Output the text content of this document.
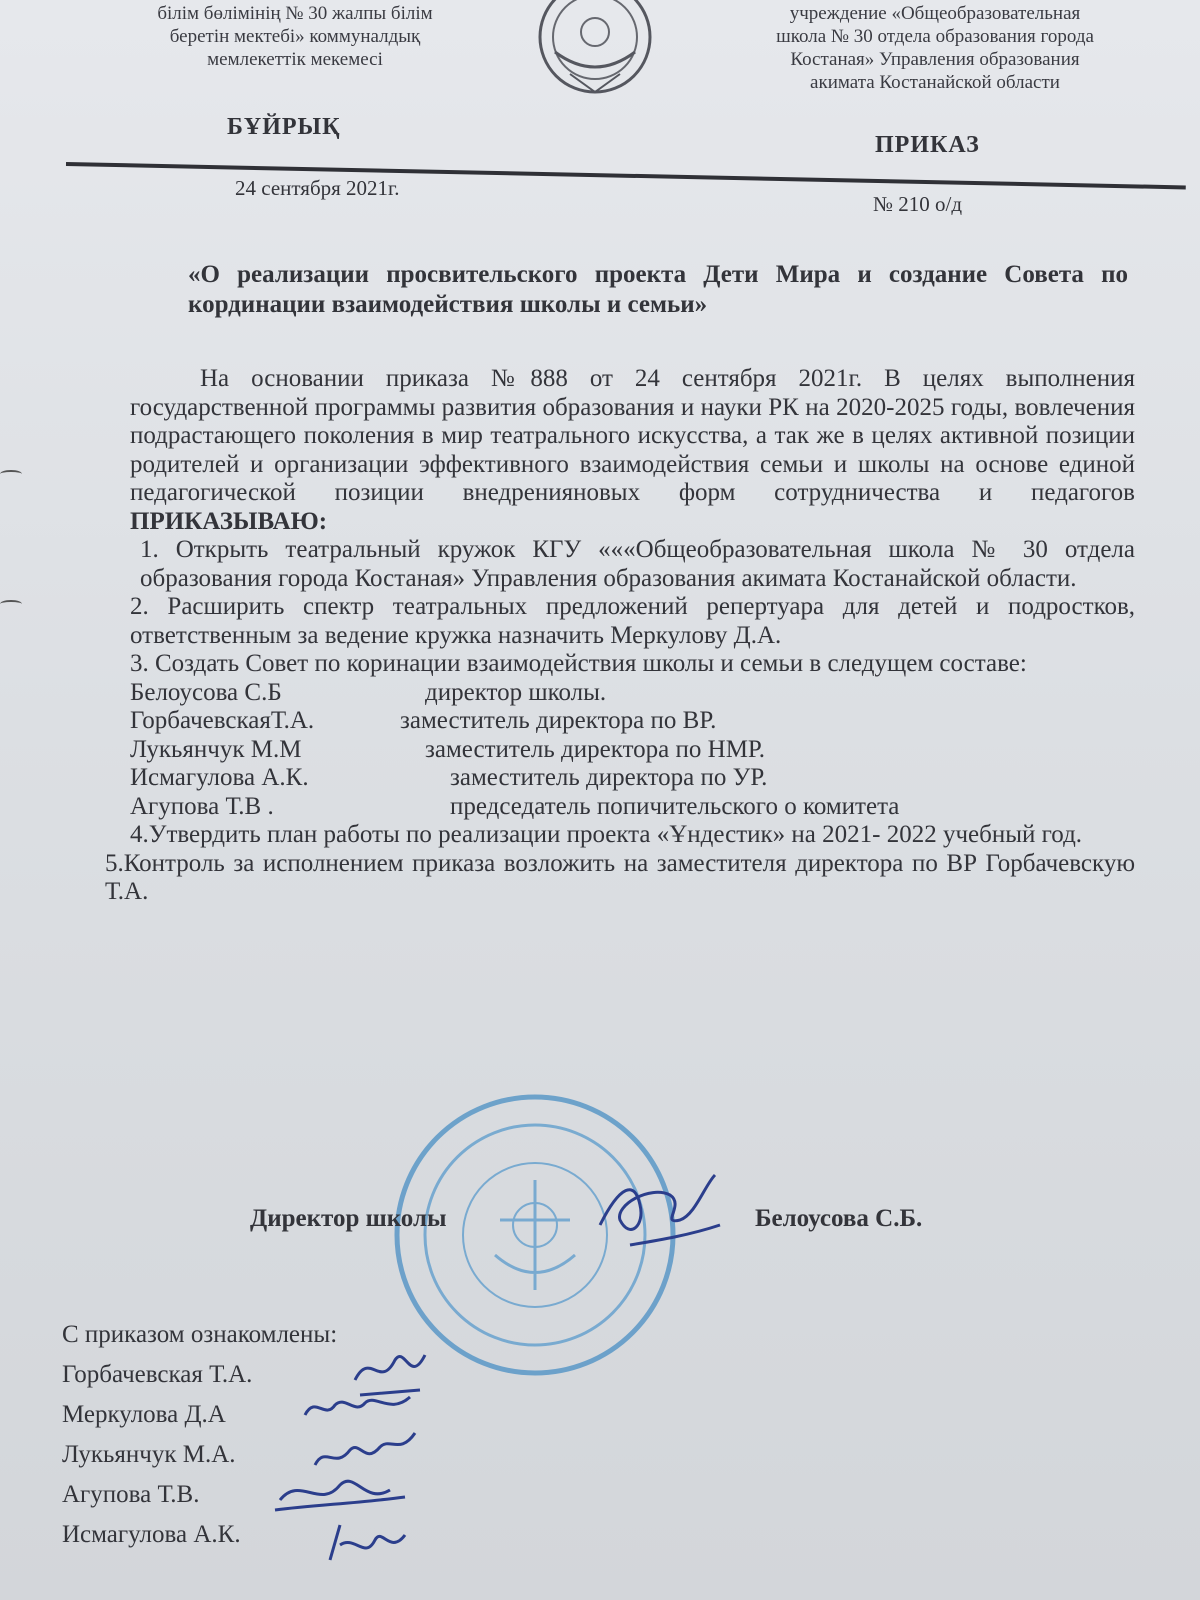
білім бөлімінің № 30 жалпы білім
беретін мектебі» коммуналдық
мемлекеттік мекемесі
учреждение «Общеобразовательная
школа № 30 отдела образования города
Костаная» Управления образования
акимата Костанайской области
БҰЙРЫҚ
ПРИКАЗ
24 сентября 2021г.
№ 210 о/д
«О реализации просвительского проекта Дети Мира и создание Совета по кординации взаимодействия школы и семьи»

На основании приказа №888 от 24 сентября 2021г. В целях выполнения государственной программы развития образования и науки РК на 2020-2025 годы, вовлечения подрастающего поколения в мир театрального искусства, а так же в целях активной позиции родителей и организации эффективного взаимодействия семьи и школы на основе единой педагогической позиции внедренияновых форм сотрудничества и педагогов ПРИКАЗЫВАЮ:

1. Открыть театральный кружок КГУ «««Общеобразовательная школа № 30 отдела образования города Костаная» Управления образования акимата Костанайской области.

2. Расширить спектр театральных предложений репертуара для детей и подростков, ответственным за ведение кружка назначить Меркулову Д.А.

3. Создать Совет по коринации взаимодействия школы и семьи в следущем составе:

Белоусова С.Б	директор школы.
ГорбачевскаяТ.А.	заместитель директора по ВР.
Лукьянчук М.М	заместитель директора по НМР.
Исмагулова А.К.	заместитель директора по УР.
Агупова Т.В .	председатель попичительского о комитета

4.Утвердить план работы по реализации проекта «Ұндестик» на 2021- 2022 учебный год.

5.Контроль за исполнением приказа возложить на заместителя директора по ВР Горбачевскую Т.А.

Директор школы	Белоусова С.Б.
С приказом ознакомлены:
Горбачевская Т.А.
Меркулова Д.А
Лукьянчук М.А.
Агупова Т.В.
Исмагулова А.К.
